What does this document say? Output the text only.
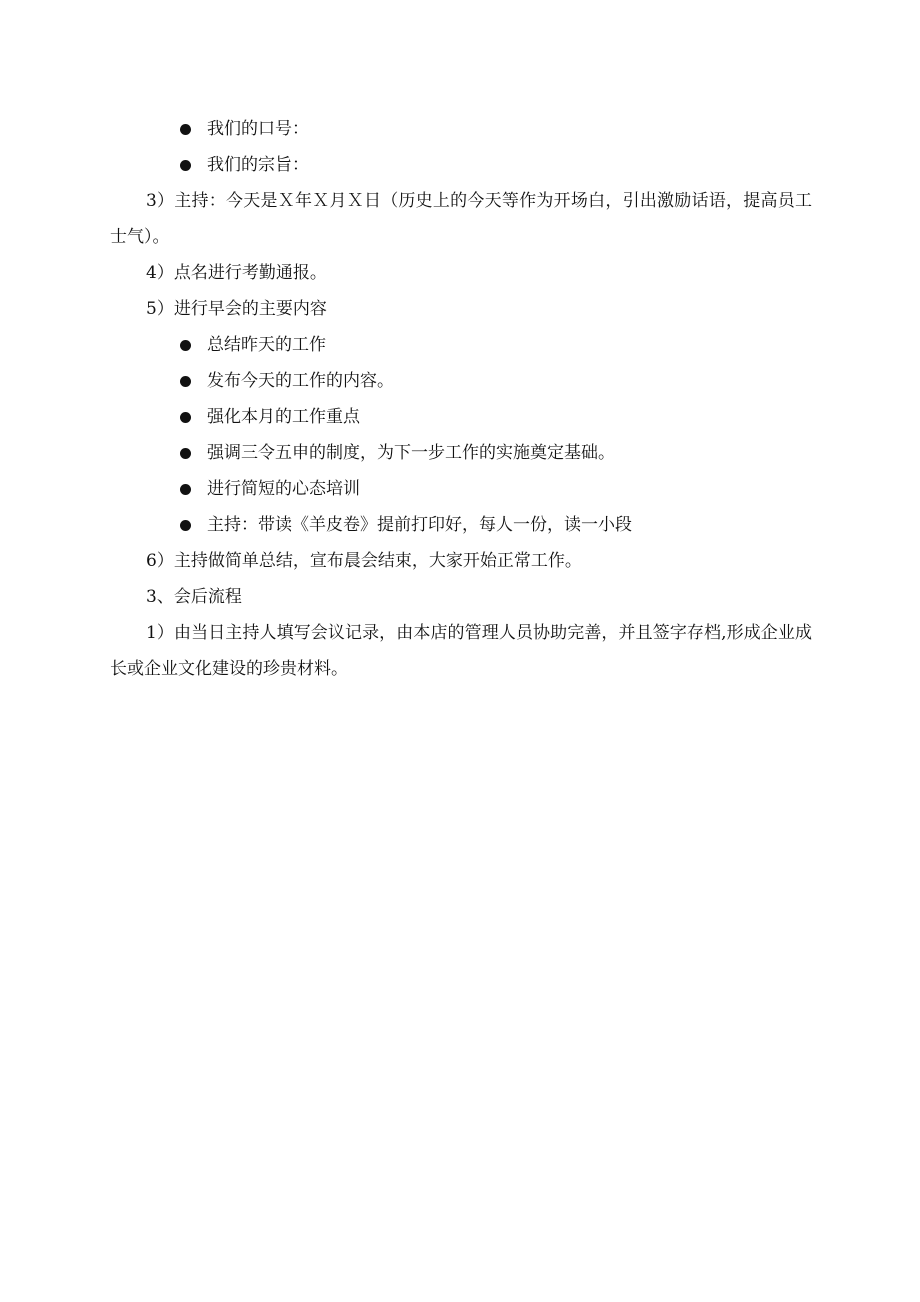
我们的口号：
我们的宗旨：

3）主持：今天是Ｘ年Ｘ月Ｘ日（历史上的今天等作为开场白，引出激励话语，提高员工士气）。

4）点名进行考勤通报。
5）进行早会的主要内容
总结昨天的工作
发布今天的工作的内容。
强化本月的工作重点
强调三令五申的制度，为下一步工作的实施奠定基础。
进行简短的心态培训
主持：带读《羊皮卷》提前打印好，每人一份，读一小段
6）主持做简单总结，宣布晨会结束，大家开始正常工作。
3、会后流程

1）由当日主持人填写会议记录，由本店的管理人员协助完善，并且签字存档,形成企业成长或企业文化建设的珍贵材料。
